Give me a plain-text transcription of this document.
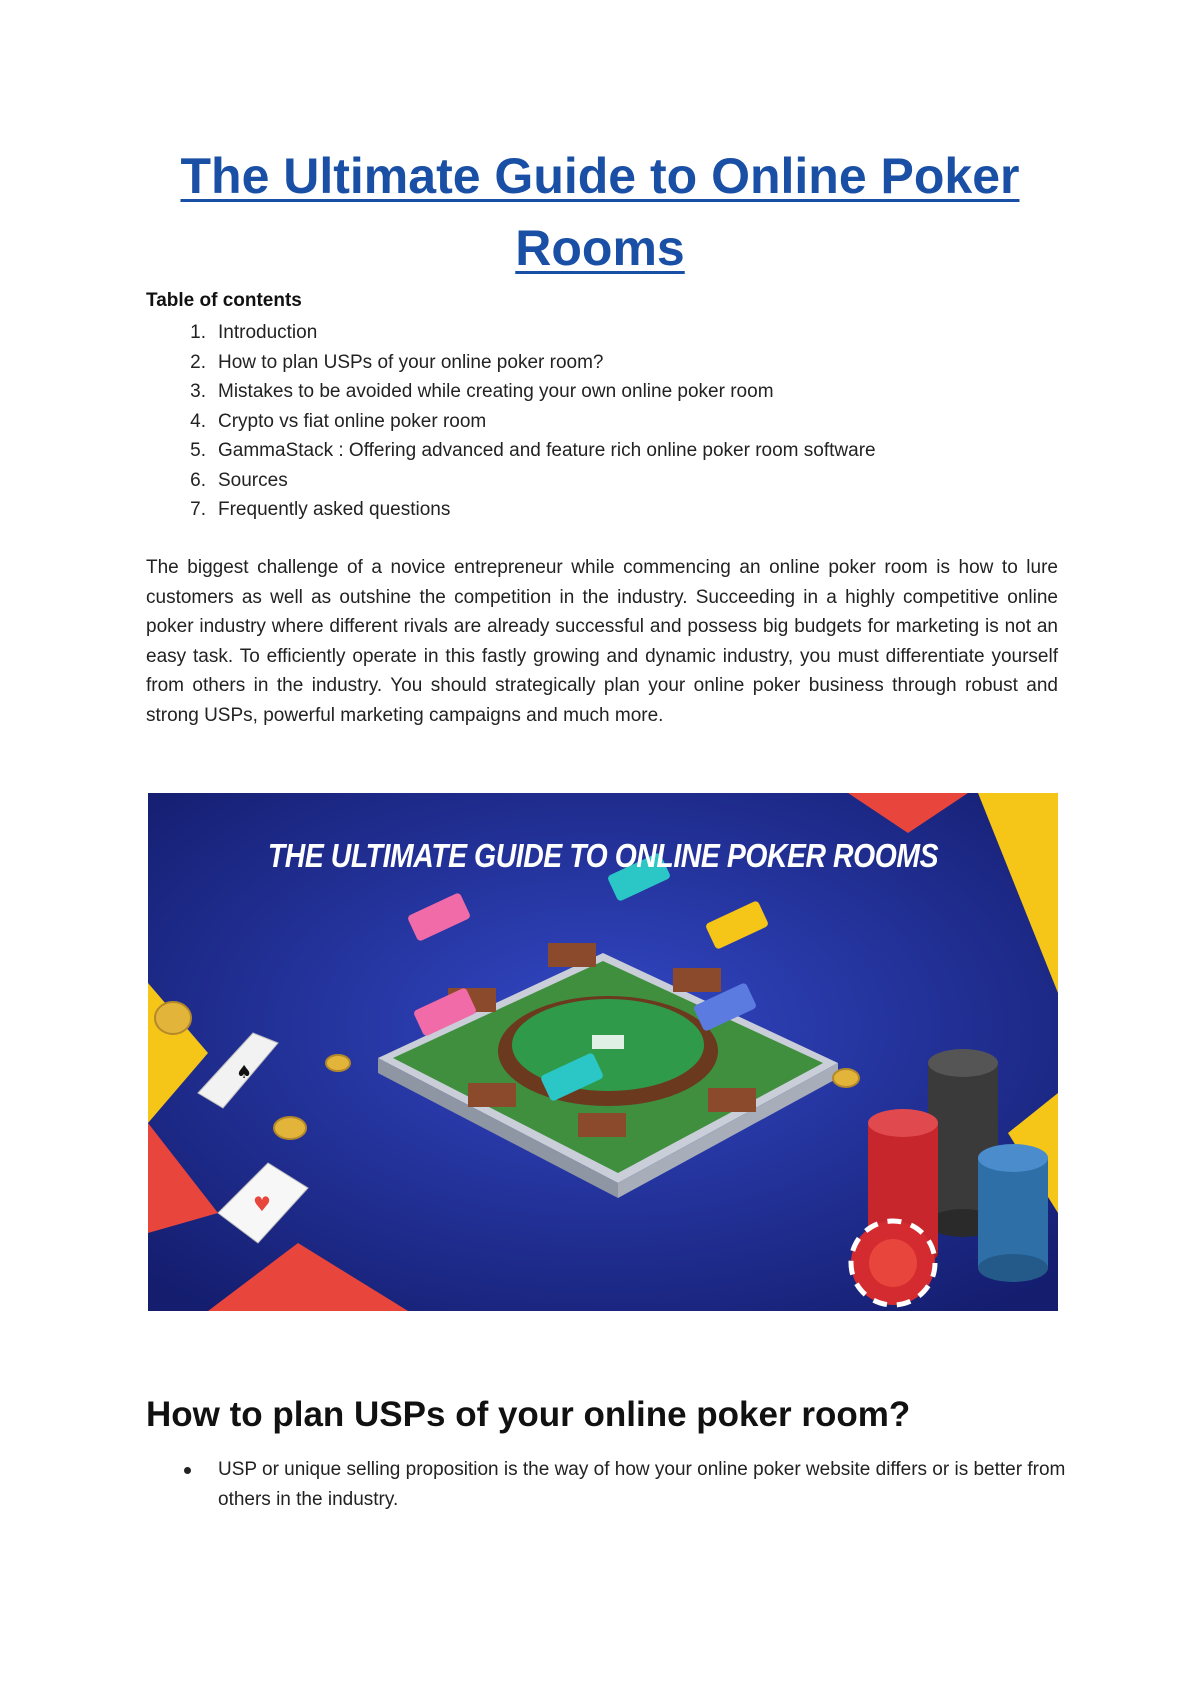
The Ultimate Guide to Online Poker Rooms
Table of contents
1. Introduction
2. How to plan USPs of your online poker room?
3. Mistakes to be avoided while creating your own online poker room
4. Crypto vs fiat online poker room
5. GammaStack : Offering advanced and feature rich online poker room software
6. Sources
7. Frequently asked questions

The biggest challenge of a novice entrepreneur while commencing an online poker room is how to lure customers as well as outshine the competition in the industry. Succeeding in a highly competitive online poker industry where different rivals are already successful and possess big budgets for marketing is not an easy task. To efficiently operate in this fastly growing and dynamic industry, you must differentiate yourself from others in the industry. You should strategically plan your online poker business through robust and strong USPs, powerful marketing campaigns and much more.

♠
♥
THE ULTIMATE GUIDE TO ONLINE POKER ROOMS
How to plan USPs of your online poker room?
USP or unique selling proposition is the way of how your online poker website differs or is better from others in the industry.
